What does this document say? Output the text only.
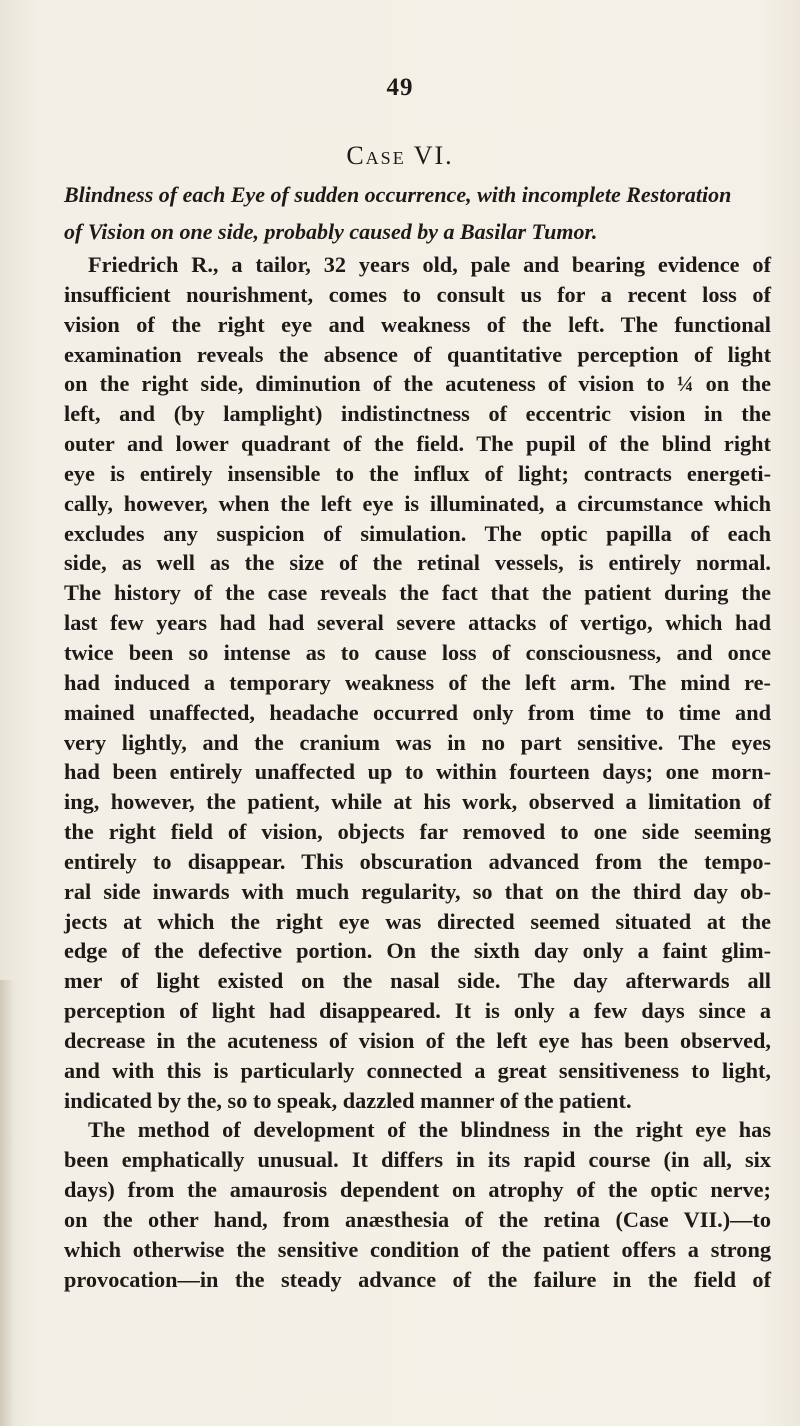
49
Case VI.
Blindness of each Eye of sudden occurrence, with incomplete Restoration
of Vision on one side, probably caused by a Basilar Tumor.
Friedrich R., a tailor, 32 years old, pale and bearing evidence of
insufficient nourishment, comes to consult us for a recent loss of
vision of the right eye and weakness of the left. The functional
examination reveals the absence of quantitative perception of light
on the right side, diminution of the acuteness of vision to ¼ on the
left, and (by lamplight) indistinctness of eccentric vision in the
outer and lower quadrant of the field. The pupil of the blind right
eye is entirely insensible to the influx of light; contracts energeti-
cally, however, when the left eye is illuminated, a circumstance which
excludes any suspicion of simulation. The optic papilla of each
side, as well as the size of the retinal vessels, is entirely normal.
The history of the case reveals the fact that the patient during the
last few years had had several severe attacks of vertigo, which had
twice been so intense as to cause loss of consciousness, and once
had induced a temporary weakness of the left arm. The mind re-
mained unaffected, headache occurred only from time to time and
very lightly, and the cranium was in no part sensitive. The eyes
had been entirely unaffected up to within fourteen days; one morn-
ing, however, the patient, while at his work, observed a limitation of
the right field of vision, objects far removed to one side seeming
entirely to disappear. This obscuration advanced from the tempo-
ral side inwards with much regularity, so that on the third day ob-
jects at which the right eye was directed seemed situated at the
edge of the defective portion. On the sixth day only a faint glim-
mer of light existed on the nasal side. The day afterwards all
perception of light had disappeared. It is only a few days since a
decrease in the acuteness of vision of the left eye has been observed,
and with this is particularly connected a great sensitiveness to light,
indicated by the, so to speak, dazzled manner of the patient.
The method of development of the blindness in the right eye has
been emphatically unusual. It differs in its rapid course (in all, six
days) from the amaurosis dependent on atrophy of the optic nerve;
on the other hand, from anæsthesia of the retina (Case VII.)—to
which otherwise the sensitive condition of the patient offers a strong
provocation—in the steady advance of the failure in the field of
